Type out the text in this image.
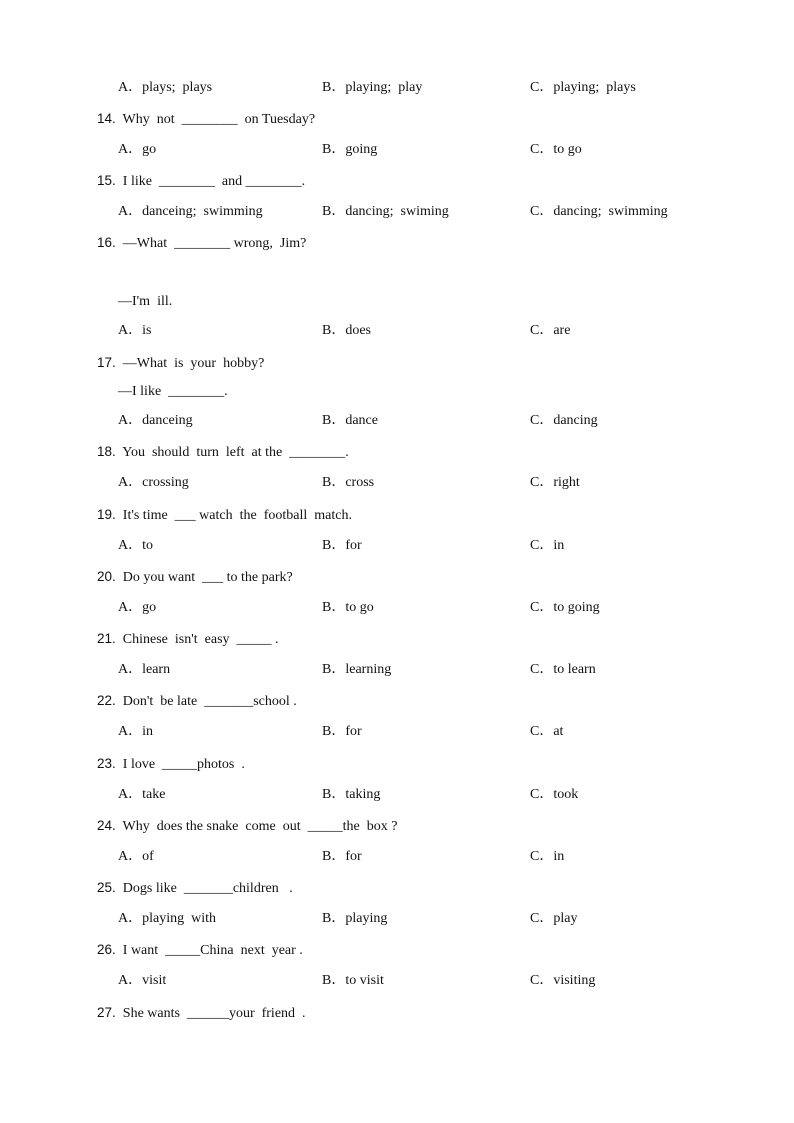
A．plays;  plays	B．playing;  play	C．playing;  plays
14. Why  not  ________  on Tuesday?
A．go	B．going	C．to go
15. I like  ________  and ________.
A．danceing;  swimming	B．dancing;  swiming	C．dancing;  swimming
16. —What  ________ wrong,  Jim?
—I'm  ill.
A．is	B．does	C．are
17. —What  is  your  hobby?
—I like  ________.
A．danceing	B．dance	C．dancing
18. You  should  turn  left  at the  ________.
A．crossing	B．cross	C．right
19. It's time  ___ watch  the  football  match.
A．to	B．for	C．in
20. Do you want  ___ to the park?
A．go	B．to go	C．to going
21. Chinese  isn't  easy  _____ .
A．learn	B．learning	C．to learn
22. Don't  be late  _______school .
A．in	B．for	C．at
23. I love  _____photos  .
A．take	B．taking	C．took
24. Why  does the snake  come  out  _____the  box ?
A．of	B．for	C．in
25. Dogs like  _______children   .
A．playing  with	B．playing	C．play
26. I want  _____China  next  year .
A．visit	B．to visit	C．visiting
27. She wants  ______your  friend  .
